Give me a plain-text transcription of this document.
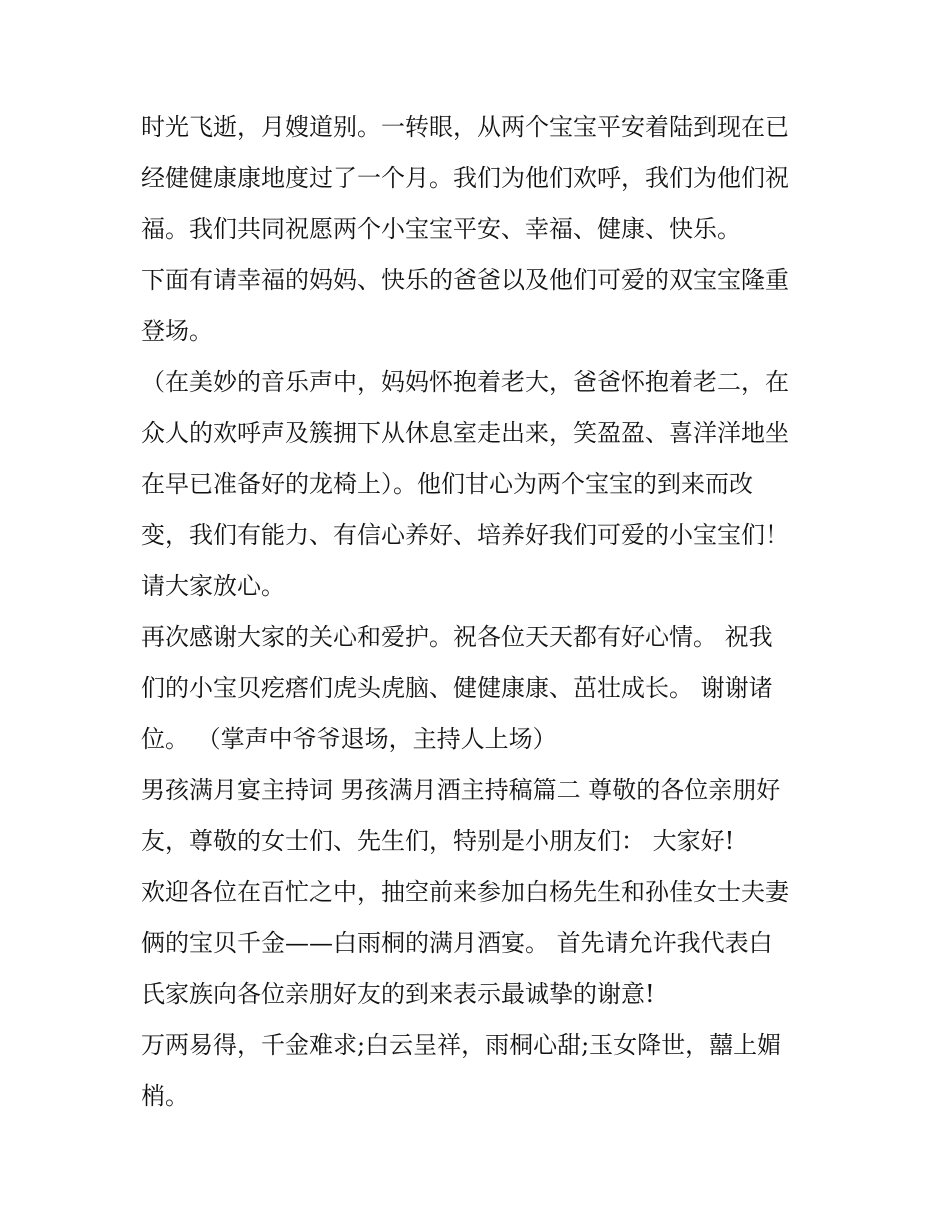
时光飞逝，月嫂道别。一转眼，从两个宝宝平安着陆到现在已
经健健康康地度过了一个月。我们为他们欢呼，我们为他们祝
福。我们共同祝愿两个小宝宝平安、幸福、健康、快乐。
下面有请幸福的妈妈、快乐的爸爸以及他们可爱的双宝宝隆重
登场。
（在美妙的音乐声中，妈妈怀抱着老大，爸爸怀抱着老二，在
众人的欢呼声及簇拥下从休息室走出来，笑盈盈、喜洋洋地坐
在早已准备好的龙椅上）。他们甘心为两个宝宝的到来而改
变，我们有能力、有信心养好、培养好我们可爱的小宝宝们！
请大家放心。
再次感谢大家的关心和爱护。祝各位天天都有好心情。 祝我
们的小宝贝疙瘩们虎头虎脑、健健康康、茁壮成长。 谢谢诸
位。 （掌声中爷爷退场，主持人上场）
男孩满月宴主持词 男孩满月酒主持稿篇二 尊敬的各位亲朋好
友，尊敬的女士们、先生们，特别是小朋友们： 大家好!
欢迎各位在百忙之中，抽空前来参加白杨先生和孙佳女士夫妻
俩的宝贝千金——白雨桐的满月酒宴。 首先请允许我代表白
氏家族向各位亲朋好友的到来表示最诚挚的谢意!
万两易得，千金难求;白云呈祥，雨桐心甜;玉女降世，囍上媚
梢。
